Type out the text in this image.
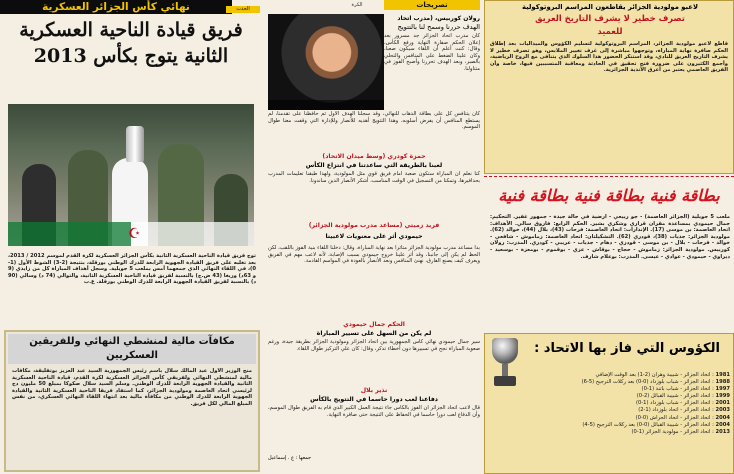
نهائي كأس الجزائر العسكرية	الحدث
فريق قيادة الناحية العسكرية الثانية يتوج بكأس 2013
☪
توج فريق قيادة الناحية العسكرية الثانية بكأس الجزائر العسكرية لكرة القدم لموسم 2012 / 2013، بعد تغلبه على فريق القيادة الجهوية الرابعة للدرك الوطني بورقلة، بنتيجة (2-3) الشوط الأول (1-0)، في اللقاء النهائي الذي جمعهما أمس بملعب 5 جويلية. وسجل أهداف المباراة كل من زايدي (9 و 63د) وريغا (43 ض.ج) بالنسبة لفريق قيادة الناحية العسكرية الثانية، والتوالي (74 د) وسالي (90 د) بالنسبة لفريق القيادة الجهوية الرابعة للدرك الوطني بورقلة. ع.ب
مكافآت مالية لمنشطي النهائي وللفريقين العسكريين
منح الوزير الأول عبد المالك سلال باسم رئيس الجمهورية السيد عبد العزيز بوتفليقة، مكافآت مالية لمنشطي النهائي ولفريقي كأس الجزائر العسكرية لكرة القدم، قيادة الناحية العسكرية الثانية والقيادة الجهوية الرابعة للدرك الوطني. وسلم السيد سلال صكوكا بمبلغ 50 مليون دج لرئيسي اتحاد العاصمة ومولودية الجزائر، كما استفاد فريقا الناحية العسكرية الثانية والقيادة الجهوية الرابعة للدرك الوطني من مكافأة مالية بعد انتهاء اللقاء النهائي العسكري، من نفس المبلغ المالي لكل فريق.
تصريحات
الكرة
رولان كوربيس، (مدرب اتحاد
الهدف حررنا وسمح لنا بالتتويج
كان مدرب اتحاد الجزائر جد مسرور بعد إعلان الحكم صفارة النهاية ورفع الكأس، وقال: كنت أعلم أن اللقاء سيكون صعبا، وكان علينا الضغط على المنافس والتحلي بالصبر، وبعد الهدف تحررنا وأصبح الفوز في متناولنا.
كان يتنافس كل على بطاقة الذهاب للنهائي، وقد سجلنا الهدف الأول ثم حافظنا على تقدمنا، لم يستطع المنافس أن يفرض أسلوبه، وهذا التتويج أهديه للأنصار وللإدارة التي وقفت معنا طوال الموسم.
حمزة كودري (وسط ميدان الاتحاد)
لعبنا بالطريقة التي ساعدتنا في انتزاع الكأس
كنا نعلم أن المباراة ستكون صعبة أمام فريق قوي مثل المولودية، ولهذا طبقنا تعليمات المدرب بحذافيرها، وتمكنا من التسجيل في الوقت المناسب، أشكر الأنصار الذين ساندونا.
فريد زميتي (مساعد مدرب مولودية الجزائر)
حيمودي أثر على معنويات لاعبينا
بدا مساعد مدرب مولودية الجزائر متأثرا بعد نهاية المباراة، وقال: دخلنا اللقاء بنية الفوز باللقب، لكن الحظ لم يكن إلى جانبنا، وقد أثر علينا خروج حيمودي بسبب الإصابة، لأنه لاعب مهم في الفريق ويعرف كيف يصنع الفارق، نهنئ المنافس ونعد الأنصار بالعودة في المواسم القادمة.
الحكم جمال حيمودي
لم يكن من السهل على تسيير المباراة
سير جمال حيمودي نهائي كأس الجمهورية بين اتحاد الجزائر ومولودية الجزائر بطريقة جيدة، ورغم صعوبة المباراة نجح في تسييرها دون أخطاء تذكر، وقال: كان علي التركيز طوال اللقاء.
نذير بلال
دفاعنا لعب دورا حاسما في التتويج بالكأس
قال لاعب اتحاد الجزائر أن الفوز بالكأس جاء نتيجة العمل الكبير الذي قام به الفريق طوال الموسم، وأن الدفاع لعب دورا حاسما في الحفاظ على النتيجة حتى صافرة النهاية.
جمعها : ع . إسماعيل
لاعبو مولودية الجزائر يقاطعون المراسم البروتوكولية
تصرف خطير لا يشرف التاريخ العريق
للعميد
قاطع لاعبو مولودية الجزائر، المراسم البروتوكولية لتسليم الكؤوس والميداليات بعد إطلاق الحكم صافرة نهاية المباراة، وتوجهوا مباشرة إلى غرف تغيير الملابس، وهو تصرف خطير لا يشرف التاريخ العريق للنادي، وقد استنكر الحضور هذا السلوك الذي يتنافى مع الروح الرياضية، وأجمع الكثيرون على ضرورة فتح تحقيق في الحادثة ومعاقبة المتسببين فيها، خاصة وأن الفريق العاصمي يعتبر من أعرق الأندية الجزائرية.
بطاقة فنية بطاقة فنية بطاقة فنية
ملعب 5 جويلية (الجزائر العاصمة) - جو ربيعي - أرضية في حالة جيدة - جمهور غفير. التحكيم: جمال حيمودي بمساعدة مقران قراري وشكري بشير. الحكم الرابع: فاروق سالي. الأهداف: اتحاد العاصمة: بن موسى (17). الإنذارات: اتحاد العاصمة: فرحات (43)، بلال (44)، خوالد (62). مولودية الجزائر: جديات (38)، قودري (62). التشكيلتان: اتحاد العاصمة: زماموش - شافعي - خوالد - فرحات - بلال - بن موسى - قودري - دهام - جديات - عريبي - كودري. المدرب: رولان كوربيس. مولودية الجزائر: زماموش - حجاج - بوقاش - عزي - بوقموم - بومعزة - بوسعيد - ديراوي - حيمودي - عوادي - عيسى. المدرب: بوعلام شارف.
الكؤوس التي فاز بها الاتحاد :
1981 : اتحاد الجزائر - شبيبة وهران (2-1) بعد الوقت الإضافي
1988 : اتحاد الجزائر - شباب بلوزداد (0-0) بعد ركلات الترجيح (5-6)
1997 : اتحاد الجزائر - شباب باتنة (1-0)
1999 : اتحاد الجزائر - شبيبة القبائل (2-0)
2001 : اتحاد الجزائر - شباب بلوزداد (1-0)
2003 : اتحاد الجزائر - اتحاد بلوزداد (1-2)
2004 : اتحاد الجزائر - اتحاد الحراش (0-0)
2004 : اتحاد الجزائر - شبيبة القبائل (0-0) بعد ركلات الترجيح (5-4)
2013 : اتحاد الجزائر - مولودية الجزائر (1-0)
